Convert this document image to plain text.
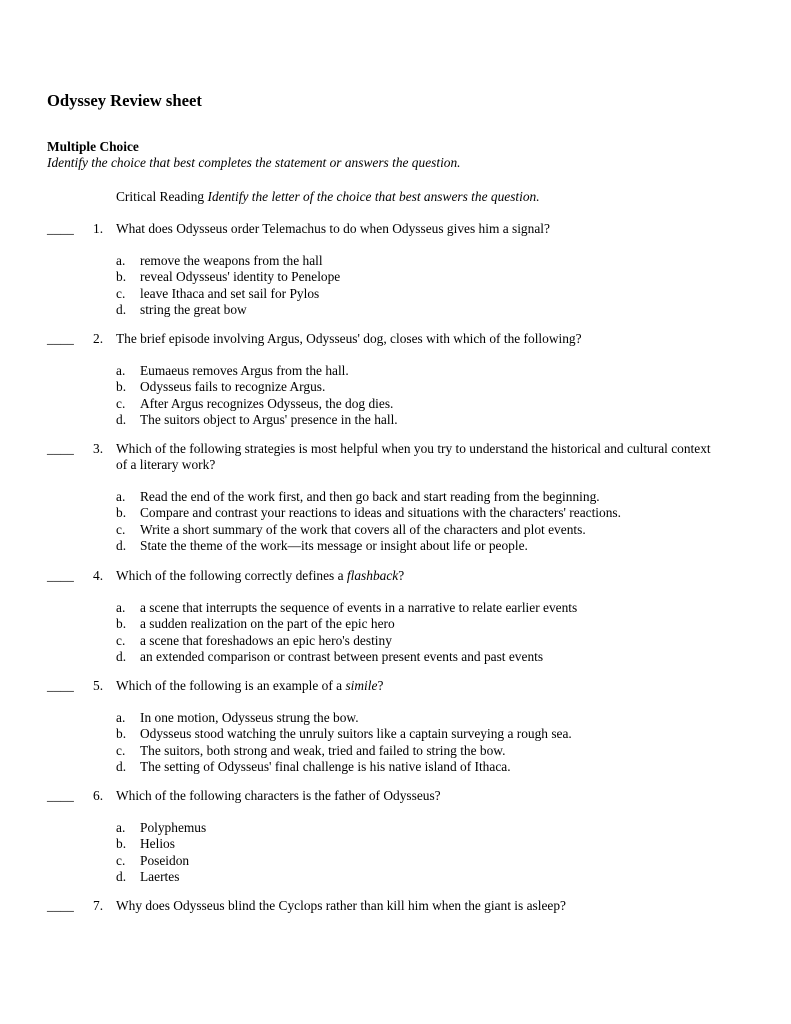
Odyssey Review sheet
Multiple Choice
Identify the choice that best completes the statement or answers the question.
Critical Reading Identify the letter of the choice that best answers the question.
____ 1. What does Odysseus order Telemachus to do when Odysseus gives him a signal?
a. remove the weapons from the hall
b. reveal Odysseus' identity to Penelope
c. leave Ithaca and set sail for Pylos
d. string the great bow
____ 2. The brief episode involving Argus, Odysseus' dog, closes with which of the following?
a. Eumaeus removes Argus from the hall.
b. Odysseus fails to recognize Argus.
c. After Argus recognizes Odysseus, the dog dies.
d. The suitors object to Argus' presence in the hall.
____ 3. Which of the following strategies is most helpful when you try to understand the historical and cultural context of a literary work?
a. Read the end of the work first, and then go back and start reading from the beginning.
b. Compare and contrast your reactions to ideas and situations with the characters' reactions.
c. Write a short summary of the work that covers all of the characters and plot events.
d. State the theme of the work—its message or insight about life or people.
____ 4. Which of the following correctly defines a flashback?
a. a scene that interrupts the sequence of events in a narrative to relate earlier events
b. a sudden realization on the part of the epic hero
c. a scene that foreshadows an epic hero's destiny
d. an extended comparison or contrast between present events and past events
____ 5. Which of the following is an example of a simile?
a. In one motion, Odysseus strung the bow.
b. Odysseus stood watching the unruly suitors like a captain surveying a rough sea.
c. The suitors, both strong and weak, tried and failed to string the bow.
d. The setting of Odysseus' final challenge is his native island of Ithaca.
____ 6. Which of the following characters is the father of Odysseus?
a. Polyphemus
b. Helios
c. Poseidon
d. Laertes
____ 7. Why does Odysseus blind the Cyclops rather than kill him when the giant is asleep?
